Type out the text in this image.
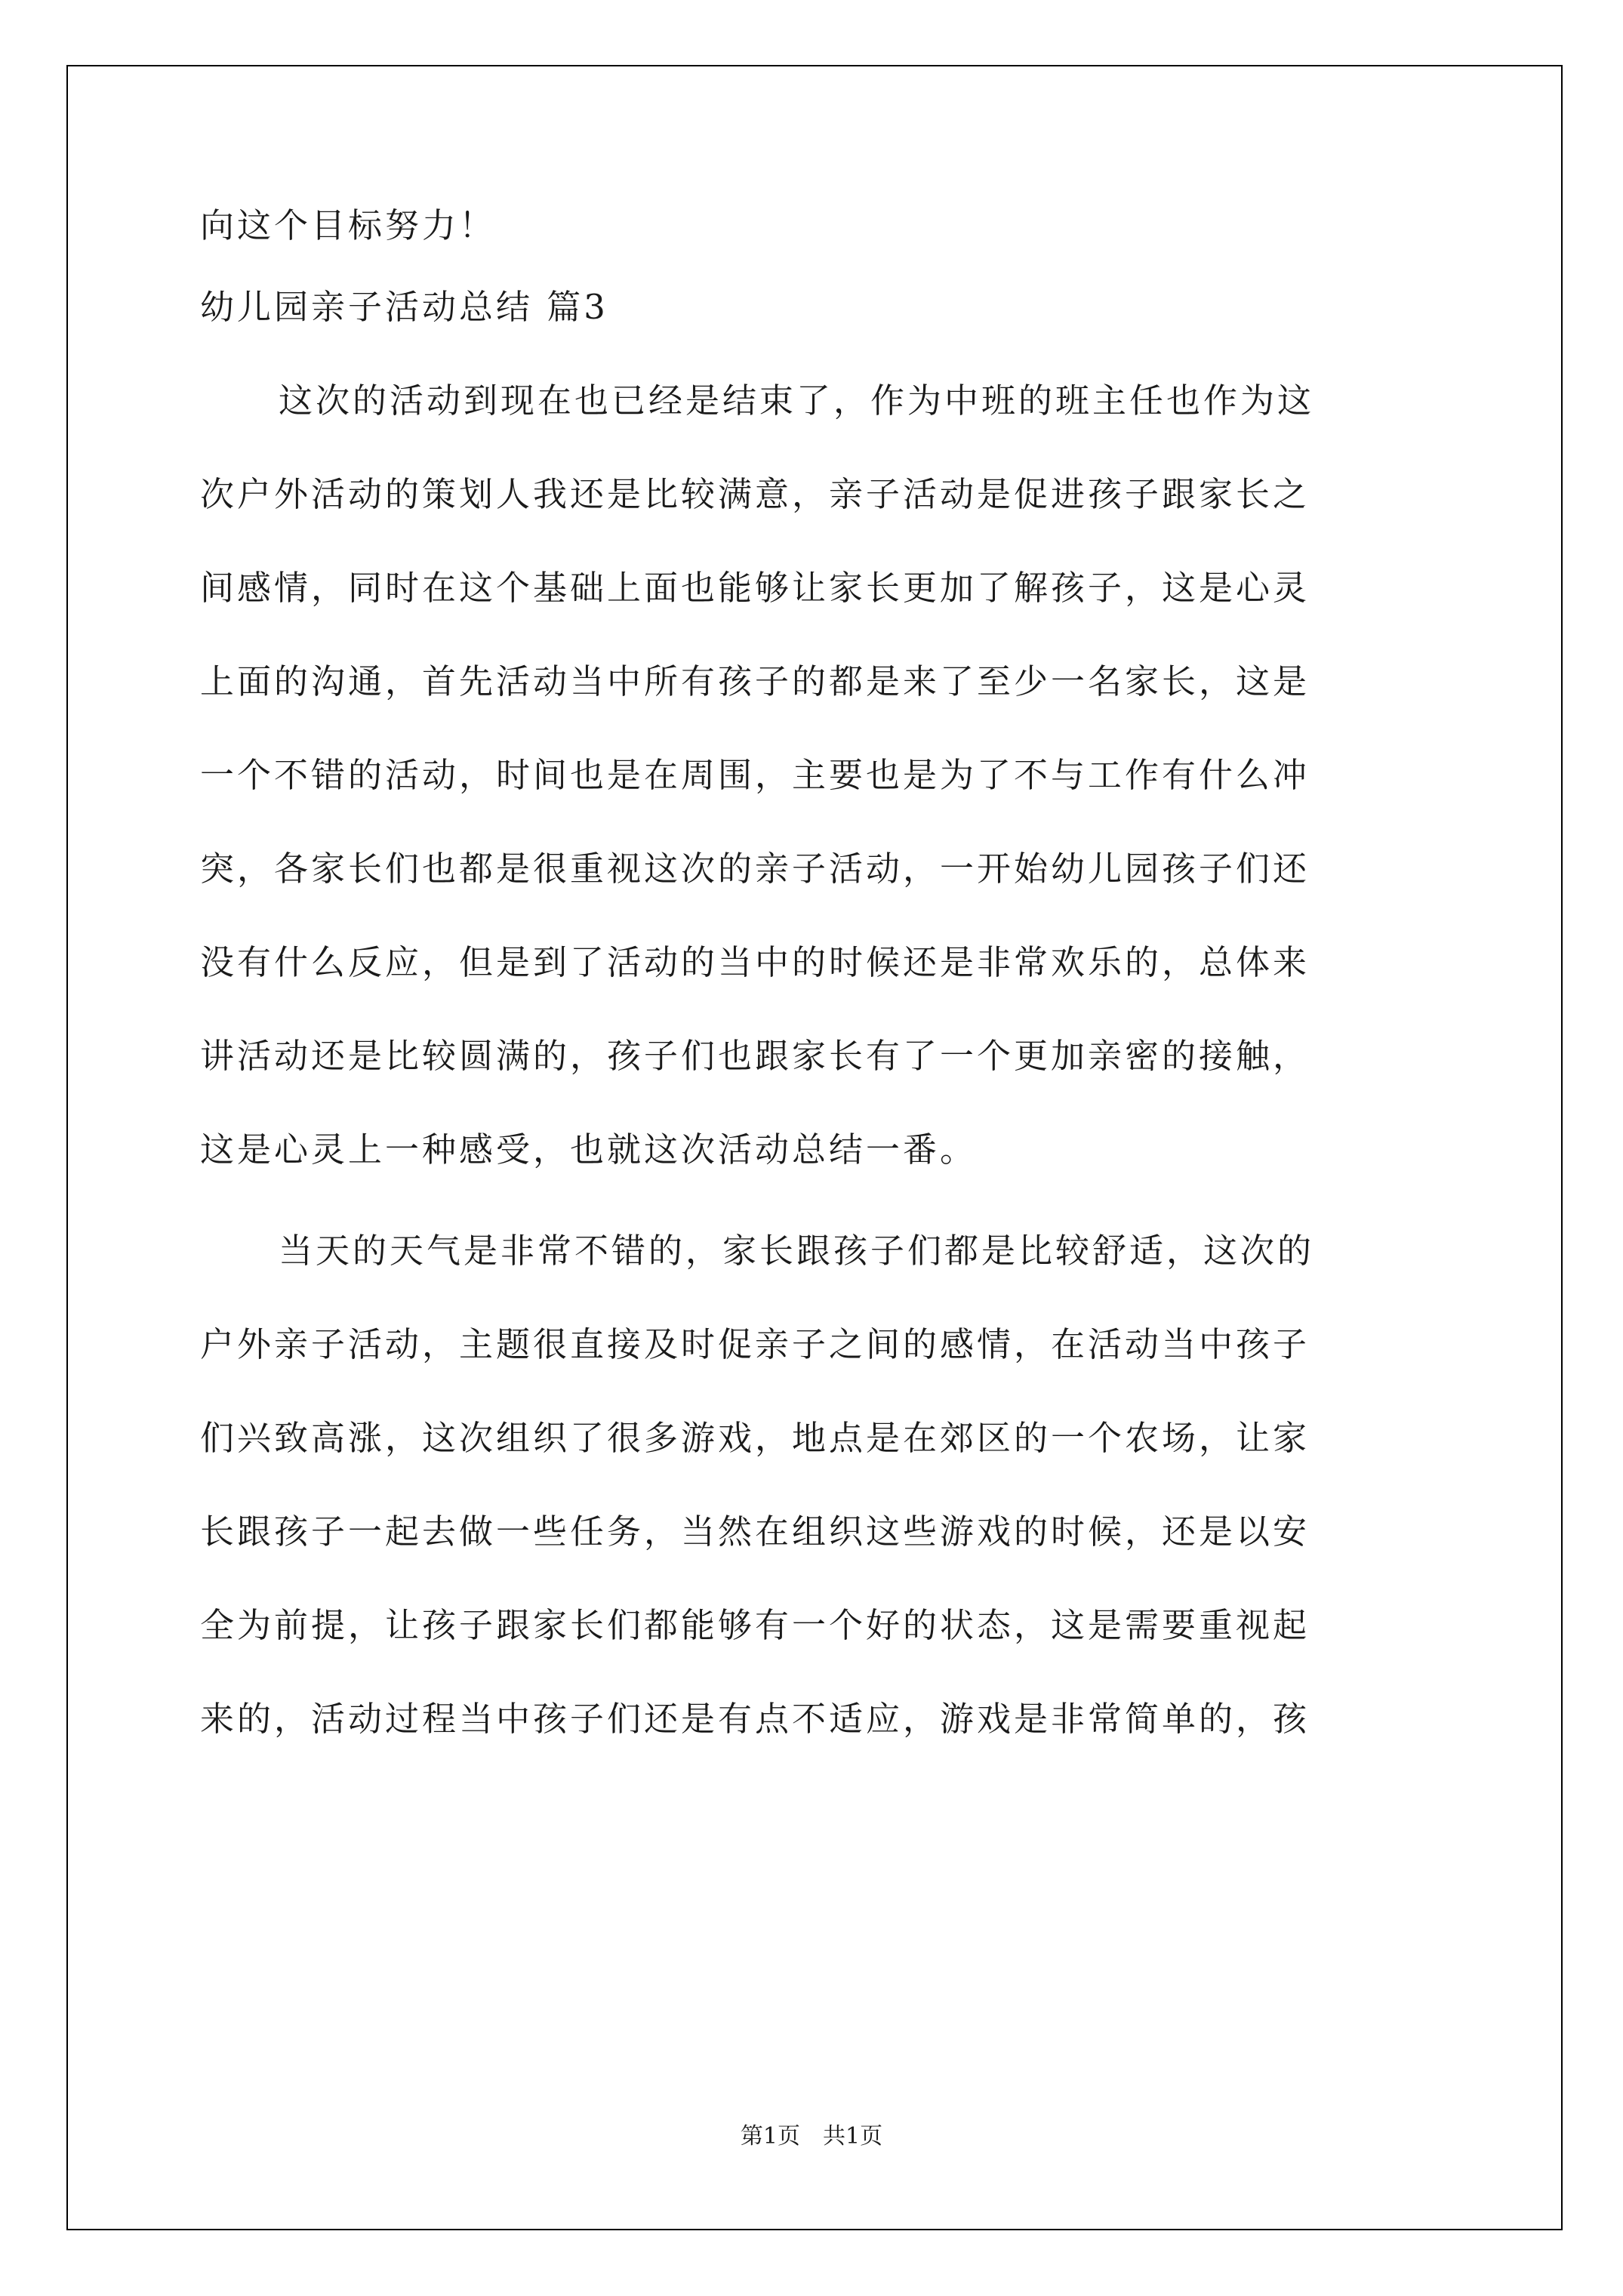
向这个目标努力！
幼儿园亲子活动总结 篇3
这次的活动到现在也已经是结束了，作为中班的班主任也作为这
次户外活动的策划人我还是比较满意，亲子活动是促进孩子跟家长之
间感情，同时在这个基础上面也能够让家长更加了解孩子，这是心灵
上面的沟通，首先活动当中所有孩子的都是来了至少一名家长，这是
一个不错的活动，时间也是在周围，主要也是为了不与工作有什么冲
突，各家长们也都是很重视这次的亲子活动，一开始幼儿园孩子们还
没有什么反应，但是到了活动的当中的时候还是非常欢乐的，总体来
讲活动还是比较圆满的，孩子们也跟家长有了一个更加亲密的接触，
这是心灵上一种感受，也就这次活动总结一番。
当天的天气是非常不错的，家长跟孩子们都是比较舒适，这次的
户外亲子活动，主题很直接及时促亲子之间的感情，在活动当中孩子
们兴致高涨，这次组织了很多游戏，地点是在郊区的一个农场，让家
长跟孩子一起去做一些任务，当然在组织这些游戏的时候，还是以安
全为前提，让孩子跟家长们都能够有一个好的状态，这是需要重视起
来的，活动过程当中孩子们还是有点不适应，游戏是非常简单的，孩
第1页　共1页
